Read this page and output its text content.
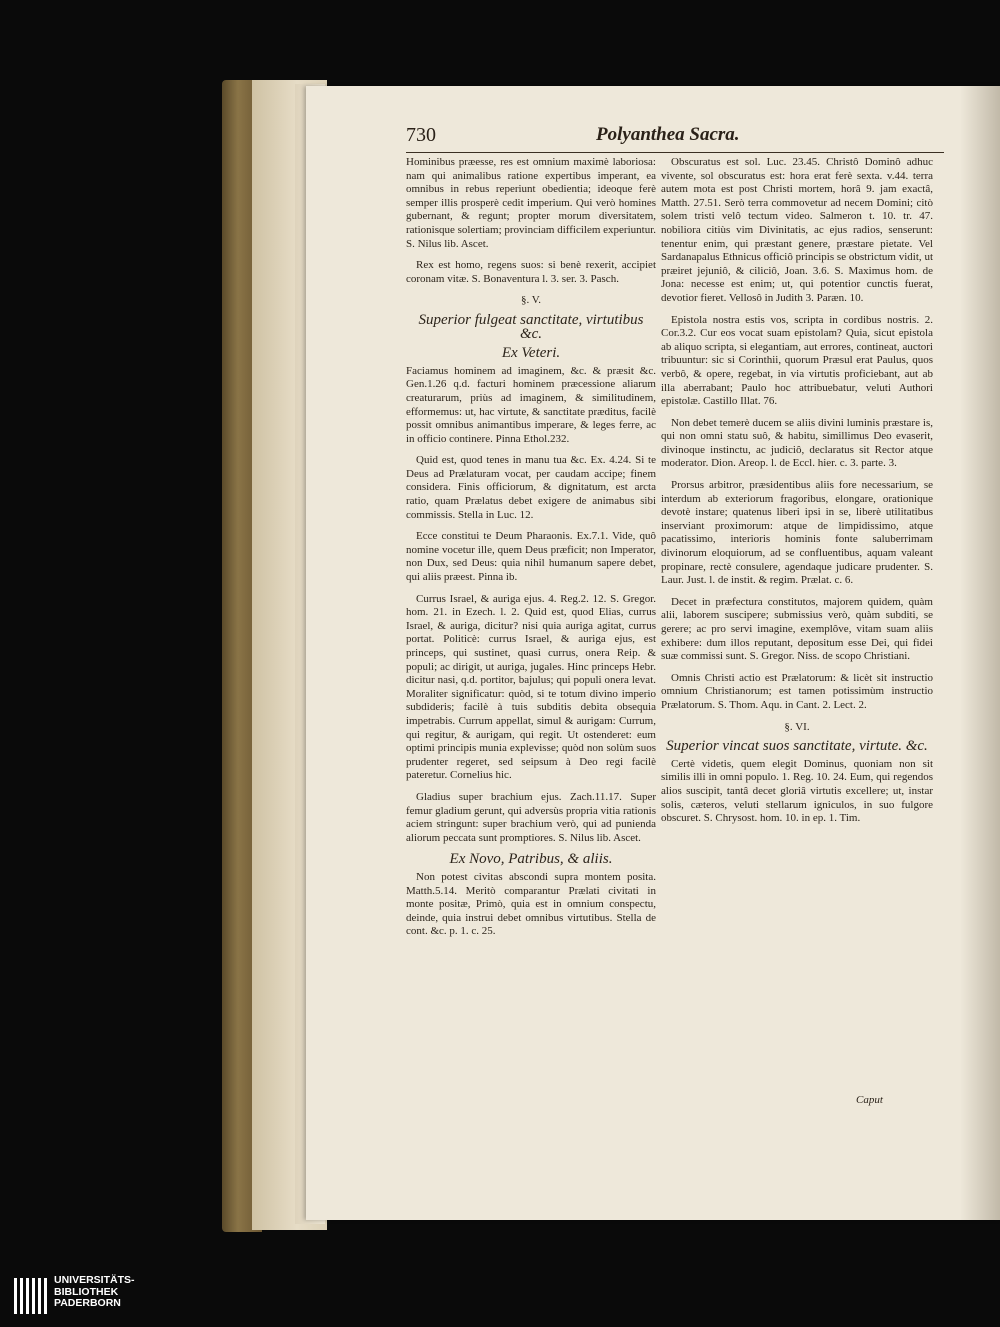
730	Polyanthea Sacra.

Hominibus præesse, res est omnium maximè laboriosa: nam qui animalibus ratione expertibus imperant, ea omnibus in rebus reperiunt obedientia; ideoque ferè semper illis prosperè cedit imperium. Qui verò homines gubernant, & regunt; propter morum diversitatem, rationisque solertiam; provinciam difficilem experiuntur. S. Nilus lib. Ascet.

Rex est homo, regens suos: si benè rexerit, accipiet coronam vitæ. S. Bonaventura l. 3. ser. 3. Pasch.

§. V.
Superior fulgeat sanctitate, virtutibus &c.
Ex Veteri.

Faciamus hominem ad imaginem, &c. & præsit &c. Gen.1.26 q.d. facturi hominem præcessione aliarum creaturarum, priùs ad imaginem, & similitudinem, efformemus: ut, hac virtute, & sanctitate præditus, facilè possit omnibus animantibus imperare, & leges ferre, ac in officio continere. Pinna Ethol.232.

Quid est, quod tenes in manu tua &c. Ex. 4.24. Si te Deus ad Prælaturam vocat, per caudam accipe; finem considera. Finis officiorum, & dignitatum, est arcta ratio, quam Prælatus debet exigere de animabus sibi commissis. Stella in Luc. 12.

Ecce constitui te Deum Pharaonis. Ex.7.1. Vide, quô nomine vocetur ille, quem Deus præficit; non Imperator, non Dux, sed Deus: quia nihil humanum sapere debet, qui aliis præest. Pinna ib.

Currus Israel, & auriga ejus. 4. Reg.2. 12. S. Gregor. hom. 21. in Ezech. l. 2. Quid est, quod Elias, currus Israel, & auriga, dicitur? nisi quia auriga agitat, currus portat. Politicè: currus Israel, & auriga ejus, est princeps, qui sustinet, quasi currus, onera Reip. & populi; ac dirigit, ut auriga, jugales. Hinc princeps Hebr. dicitur nasi, q.d. portitor, bajulus; qui populi onera levat. Moraliter significatur: quòd, si te totum divino imperio subdideris; facilè à tuis subditis debita obsequia impetrabis. Currum appellat, simul & aurigam: Currum, qui regitur, & aurigam, qui regit. Ut ostenderet: eum optimi principis munia explevisse; quòd non solùm suos prudenter regeret, sed seipsum à Deo regi facilè pateretur. Cornelius hic.

Gladius super brachium ejus. Zach.11.17. Super femur gladium gerunt, qui adversùs propria vitia rationis aciem stringunt: super brachium verò, qui ad punienda aliorum peccata sunt promptiores. S. Nilus lib. Ascet.

Ex Novo, Patribus, & aliis.

Non potest civitas abscondi supra montem posita. Matth.5.14. Meritò comparantur Prælati civitati in monte positæ, Primò, quia est in omnium conspectu, deinde, quia instrui debet omnibus virtutibus. Stella de cont. &c. p. 1. c. 25.

Obscuratus est sol. Luc. 23.45. Christô Dominô adhuc vivente, sol obscuratus est: hora erat ferè sexta. v.44. terra autem mota est post Christi mortem, horâ 9. jam exactâ, Matth. 27.51. Serò terra commovetur ad necem Domini; citò solem tristi velô tectum video. Salmeron t. 10. tr. 47. nobiliora citiùs vim Divinitatis, ac ejus radios, senserunt: tenentur enim, qui præstant genere, præstare pietate. Vel Sardanapalus Ethnicus officiô principis se obstrictum vidit, ut præiret jejuniô, & ciliciô, Joan. 3.6. S. Maximus hom. de Jona: necesse est enim; ut, qui potentior cunctis fuerat, devotior fieret. Vellosô in Judith 3. Paræn. 10.

Epistola nostra estis vos, scripta in cordibus nostris. 2. Cor.3.2. Cur eos vocat suam epistolam? Quia, sicut epistola ab aliquo scripta, si elegantiam, aut errores, contineat, auctori tribuuntur: sic si Corinthii, quorum Præsul erat Paulus, quos verbô, & opere, regebat, in via virtutis proficiebant, aut ab illa aberrabant; Paulo hoc attribuebatur, veluti Authori epistolæ. Castillo Illat. 76.

Non debet temerè ducem se aliis divini luminis præstare is, qui non omni statu suô, & habitu, simillimus Deo evaserit, divinoque instinctu, ac judiciô, declaratus sit Rector atque moderator. Dion. Areop. l. de Eccl. hier. c. 3. parte. 3.

Prorsus arbitror, præsidentibus aliis fore necessarium, se interdum ab exteriorum fragoribus, elongare, orationique devotè instare; quatenus liberi ipsi in se, liberè utilitatibus inserviant proximorum: atque de limpidissimo, atque pacatissimo, interioris hominis fonte saluberrimam divinorum eloquiorum, ad se confluentibus, aquam valeant propinare, rectè consulere, agendaque judicare prudenter. S. Laur. Just. l. de instit. & regim. Prælat. c. 6.

Decet in præfectura constitutos, majorem quidem, quàm alii, laborem suscipere; submissius verò, quàm subditi, se gerere; ac pro servi imagine, exemplôve, vitam suam aliis exhibere: dum illos reputant, depositum esse Dei, qui fidei suæ commissi sunt. S. Gregor. Niss. de scopo Christiani.

Omnis Christi actio est Prælatorum: & licèt sit instructio omnium Christianorum; est tamen potissimùm instructio Prælatorum. S. Thom. Aqu. in Cant. 2. Lect. 2.

§. VI.
Superior vincat suos sanctitate, virtute. &c.

Certè videtis, quem elegit Dominus, quoniam non sit similis illi in omni populo. 1. Reg. 10. 24. Eum, qui regendos alios suscipit, tantâ decet gloriâ virtutis excellere; ut, instar solis, cæteros, veluti stellarum igniculos, in suo fulgore obscuret. S. Chrysost. hom. 10. in ep. 1. Tim.

Caput
UNIVERSITÄTS-
BIBLIOTHEK
PADERBORN
